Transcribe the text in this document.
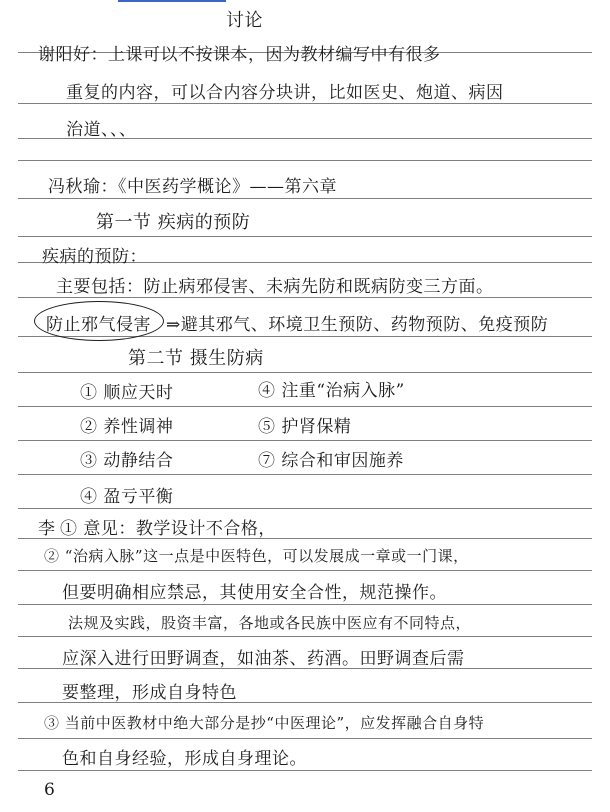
讨论
谢阳好：上课可以不按课本，因为教材编写中有很多
重复的内容，可以合内容分块讲，比如医史、炮道、病因
治道、、、
冯秋瑜：《中医药学概论》——第六章
第一节 疾病的预防
疾病的预防：
主要包括：防止病邪侵害、未病先防和既病防变三方面。
防止邪气侵害 ⇒避其邪气、环境卫生预防、药物预防、免疫预防
第二节 摄生防病
① 顺应天时	④ 注重“治病入脉”
② 养性调神	⑤ 护肾保精
③ 动静结合	⑦ 综合和审因施养
④ 盈亏平衡
李 ① 意见：教学设计不合格，
② “治病入脉”这一点是中医特色，可以发展成一章或一门课，
但要明确相应禁忌，其使用安全合性，规范操作。
法规及实践，股资丰富，各地或各民族中医应有不同特点，
应深入进行田野调查，如油茶、药酒。田野调查后需
要整理，形成自身特色
③ 当前中医教材中绝大部分是抄“中医理论”，应发挥融合自身特
色和自身经验，形成自身理论。
6
